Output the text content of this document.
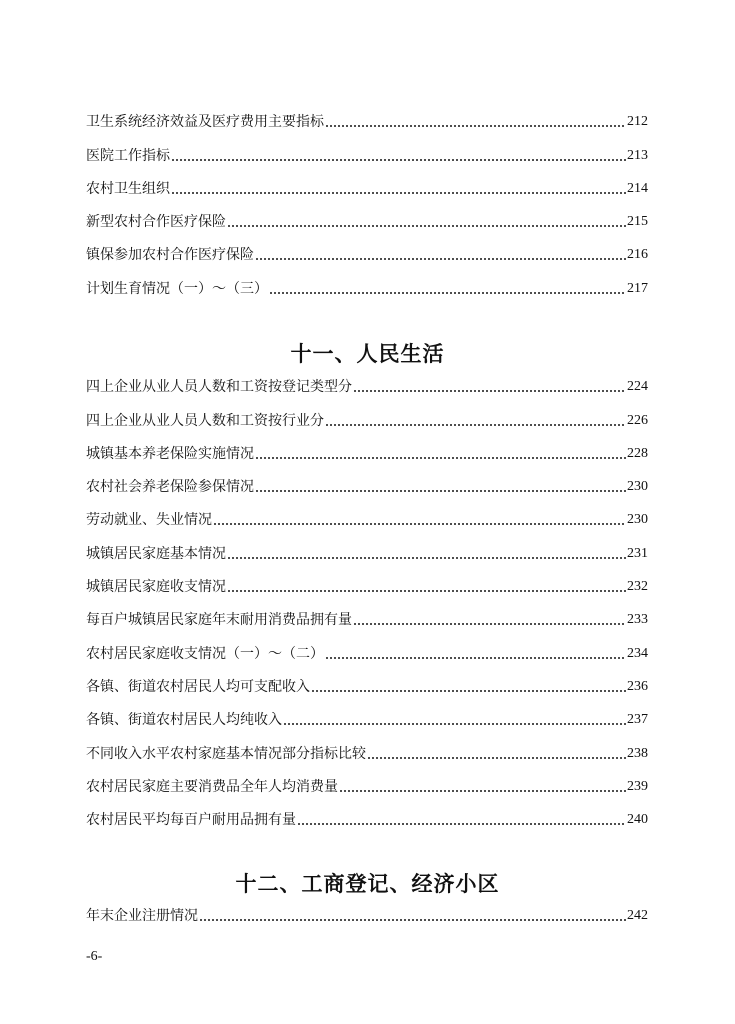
卫生系统经济效益及医疗费用主要指标	212
医院工作指标	213
农村卫生组织	214
新型农村合作医疗保险	215
镇保参加农村合作医疗保险	216
计划生育情况（一）～（三）	217
十一、人民生活
四上企业从业人员人数和工资按登记类型分	224
四上企业从业人员人数和工资按行业分	226
城镇基本养老保险实施情况	228
农村社会养老保险参保情况	230
劳动就业、失业情况	230
城镇居民家庭基本情况	231
城镇居民家庭收支情况	232
每百户城镇居民家庭年末耐用消费品拥有量	233
农村居民家庭收支情况（一）～（二）	234
各镇、街道农村居民人均可支配收入	236
各镇、街道农村居民人均纯收入	237
不同收入水平农村家庭基本情况部分指标比较	238
农村居民家庭主要消费品全年人均消费量	239
农村居民平均每百户耐用品拥有量	240
十二、工商登记、经济小区
年末企业注册情况	242
-6-
